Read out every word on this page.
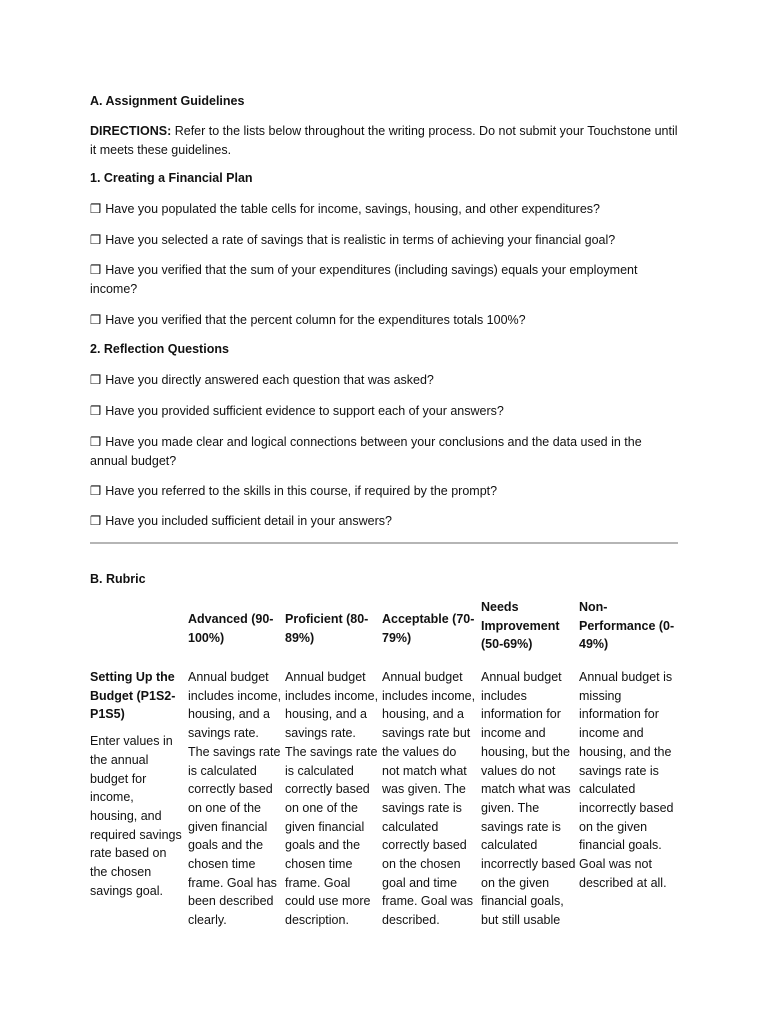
A. Assignment Guidelines
DIRECTIONS: Refer to the lists below throughout the writing process. Do not submit your Touchstone until it meets these guidelines.
1. Creating a Financial Plan
❒ Have you populated the table cells for income, savings, housing, and other expenditures?
❒ Have you selected a rate of savings that is realistic in terms of achieving your financial goal?
❒ Have you verified that the sum of your expenditures (including savings) equals your employment income?
❒ Have you verified that the percent column for the expenditures totals 100%?
2. Reflection Questions
❒ Have you directly answered each question that was asked?
❒ Have you provided sufficient evidence to support each of your answers?
❒ Have you made clear and logical connections between your conclusions and the data used in the annual budget?
❒ Have you referred to the skills in this course, if required by the prompt?
❒ Have you included sufficient detail in your answers?
B. Rubric
Advanced (90-100%)
Proficient (80-89%)
Acceptable (70-79%)
Needs Improvement (50-69%)
Non-Performance (0-49%)
Setting Up the Budget (P1S2-P1S5)
Enter values in the annual budget for income, housing, and required savings rate based on the chosen savings goal.
Annual budget includes income, housing, and a savings rate. The savings rate is calculated correctly based on one of the given financial goals and the chosen time frame. Goal has been described clearly.
Annual budget includes income, housing, and a savings rate. The savings rate is calculated correctly based on one of the given financial goals and the chosen time frame. Goal could use more description.
Annual budget includes income, housing, and a savings rate but the values do not match what was given. The savings rate is calculated correctly based on the chosen goal and time frame. Goal was described.
Annual budget includes information for income and housing, but the values do not match what was given. The savings rate is calculated incorrectly based on the given financial goals, but still usable
Annual budget is missing information for income and housing, and the savings rate is calculated incorrectly based on the given financial goals. Goal was not described at all.
